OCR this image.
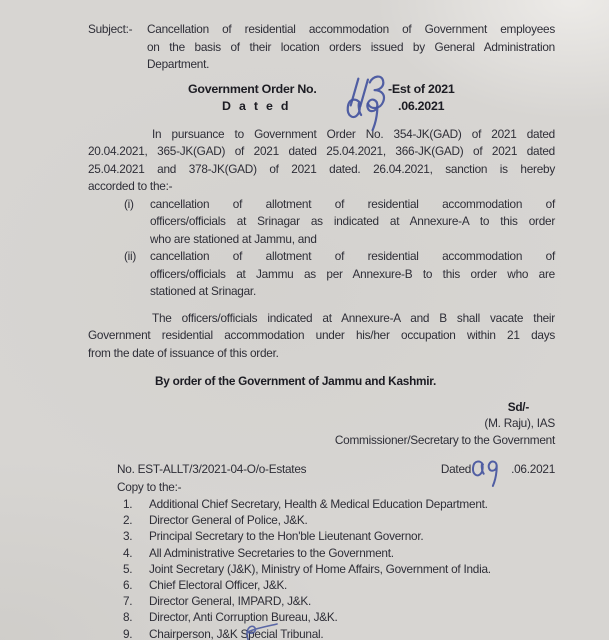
Subject:-	Cancellation of residential accommodation of Government employees
on the basis of their location orders issued by General Administration
Department.
Government Order No.	-Est of 2021
Dated	.06.2021
In pursuance to Government Order No. 354-JK(GAD) of 2021 dated
20.04.2021, 365-JK(GAD) of 2021 dated 25.04.2021, 366-JK(GAD) of 2021 dated
25.04.2021 and 378-JK(GAD) of 2021 dated. 26.04.2021, sanction is hereby
accorded to the:-
(i)	cancellation of allotment of residential accommodation of
officers/officials at Srinagar as indicated at Annexure-A to this order
who are stationed at Jammu, and
(ii)	cancellation of allotment of residential accommodation of
officers/officials at Jammu as per Annexure-B to this order who are
stationed at Srinagar.
The officers/officials indicated at Annexure-A and B shall vacate their
Government residential accommodation under his/her occupation within 21 days
from the date of issuance of this order.
By order of the Government of Jammu and Kashmir.
Sd/-
(M. Raju), IAS
Commissioner/Secretary to the Government
No. EST-ALLT/3/2021-04-O/o-Estates	Dated	.06.2021
Copy to the:-
1.	Additional Chief Secretary, Health & Medical Education Department.
2.	Director General of Police, J&K.
3.	Principal Secretary to the Hon'ble Lieutenant Governor.
4.	All Administrative Secretaries to the Government.
5.	Joint Secretary (J&K), Ministry of Home Affairs, Government of India.
6.	Chief Electoral Officer, J&K.
7.	Director General, IMPARD, J&K.
8.	Director, Anti Corruption Bureau, J&K.
9.	Chairperson, J&K Special Tribunal.
